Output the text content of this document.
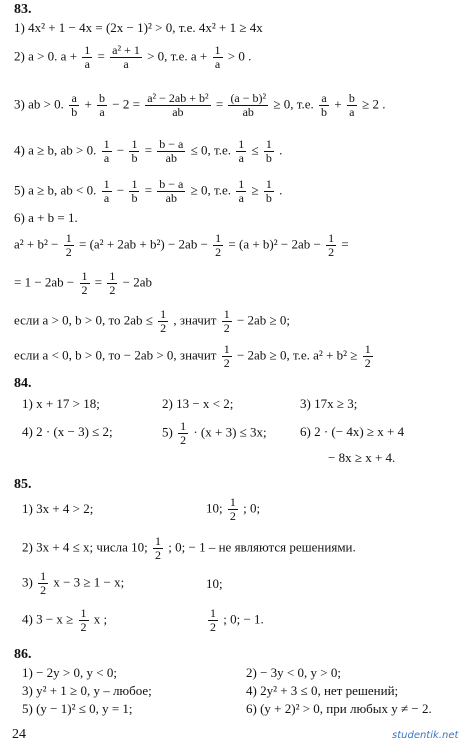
83.
1) 4x² + 1 − 4x = (2x − 1)² > 0, т.е. 4x² + 1 ≥ 4x
2) a > 0. $a + \frac{1}{a} = \frac{\text{a² + 1}}{a} > 0$, т.е. $a + \frac{1}{a} > 0$ .
3) ab > 0. $\frac{a}{b} + \frac{b}{a} - 2 = \frac{\text{a² − 2ab + b²}}{ab} = \frac{\text{(a − b)²}}{ab} \ge 0$, т.е. $\frac{a}{b} + \frac{b}{a} \ge 2$ .
4) a ≥ b, ab > 0. $\frac{1}{a} - \frac{1}{b} = \frac{b - a}{ab} \le 0$, т.е. $\frac{1}{a} \le \frac{1}{b}$ .
5) a ≥ b, ab < 0. $\frac{1}{a} - \frac{1}{b} = \frac{b - a}{ab} \ge 0$, т.е. $\frac{1}{a} \ge \frac{1}{b}$ .
6) a + b = 1.
$a^2 + b^2 - \frac{1}{2} = (a^2 + 2ab + b^2) - 2ab - \frac{1}{2} = (a + b)^2 - 2ab - \frac{1}{2}$ =
= $1 - 2ab - \frac{1}{2} = \frac{1}{2} - 2ab$
если a > 0, b > 0, то $2ab \le \frac{1}{2}$ , значит $\frac{1}{2} - 2ab \ge 0$;
если a < 0, b > 0, то − 2ab > 0, значит $\frac{1}{2} - 2ab \ge 0$, т.е. $a^2 + b^2 \ge \frac{1}{2}$
84.
1) x + 17 > 18;	2) 13 − x < 2;	3) 17x ≥ 3;
4) 2 · (x − 3) ≤ 2;	$5) \frac{1}{2} \cdot (x + 3) \le 3x$;	6) 2 · (− 4x) ≥ x + 4
− 8x ≥ x + 4.
85.
1) 3x + 4 > 2;	10; $\frac{1}{2}$ ; 0;
2) 3x + 4 ≤ x; числа 10; $\frac{1}{2}$ ; 0; − 1 – не являются решениями.
$3) \frac{1}{2}$ x − 3 ≥ 1 − x;	10;
4) $3 - x \ge \frac{1}{2}$ x ;	$\frac{1}{2}$ ; 0; − 1.
86.
1) − 2y > 0, y < 0;	2) − 3y < 0, y > 0;
3) y² + 1 ≥ 0, y – любое;	4) 2y² + 3 ≤ 0, нет решений;
5) (y − 1)² ≤ 0, y = 1;	6) (y + 2)² > 0, при любых y ≠ − 2.
24	studentik.net
